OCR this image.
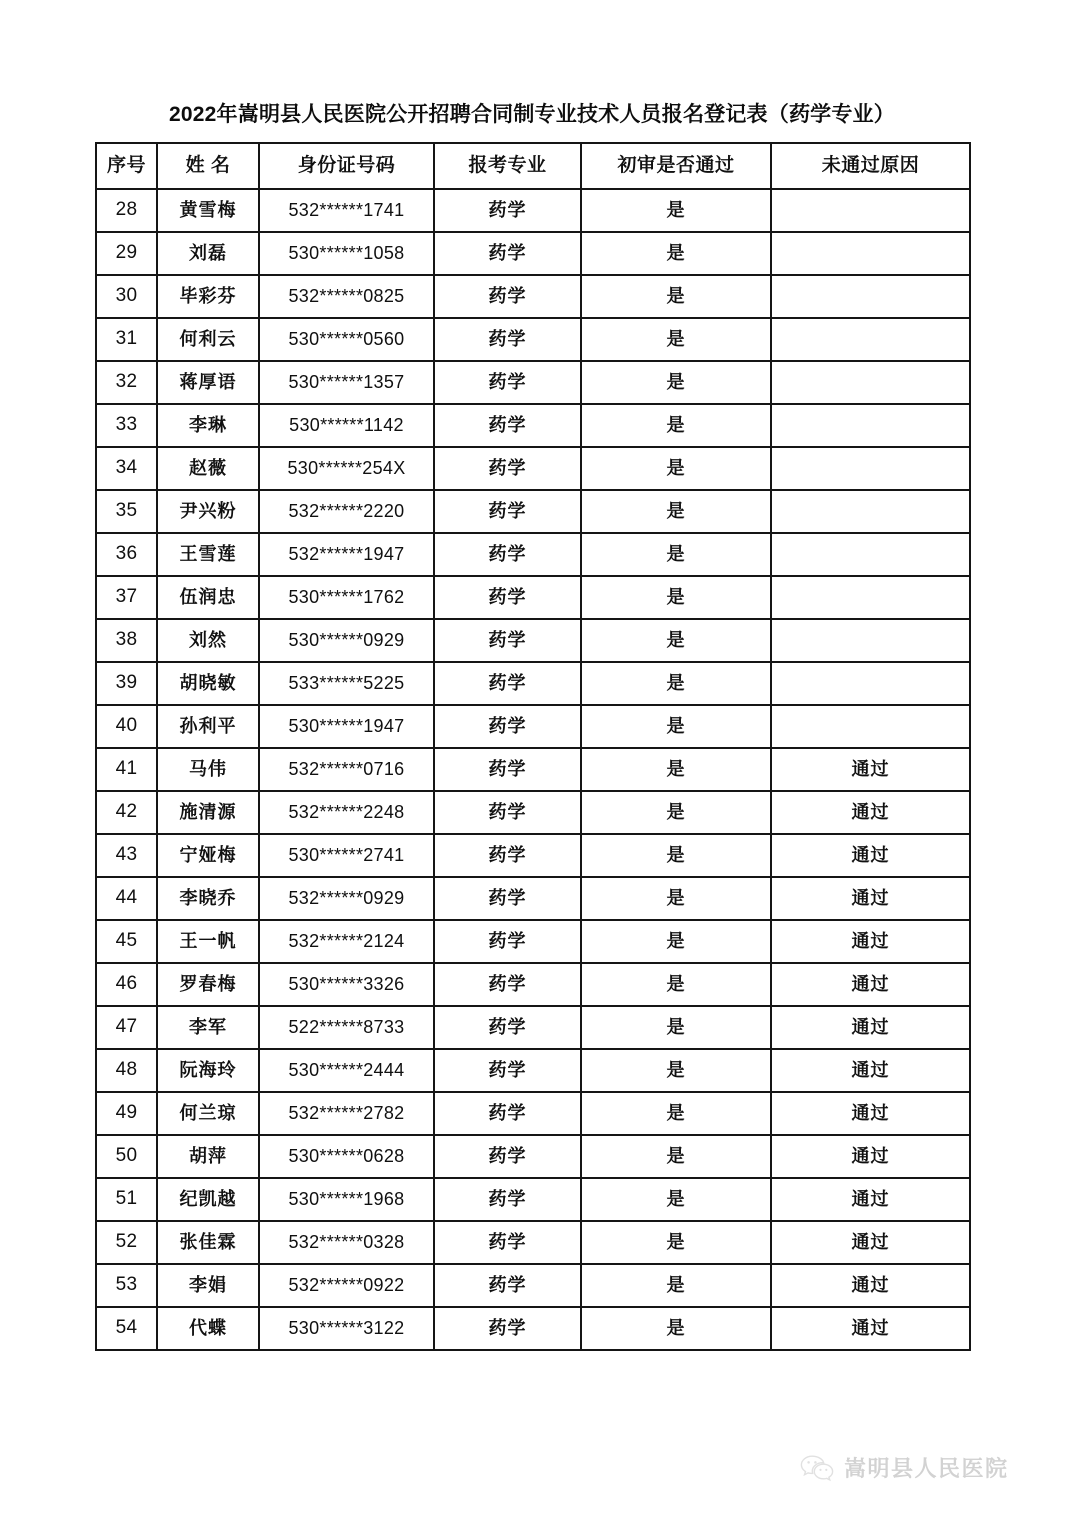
2022年嵩明县人民医院公开招聘合同制专业技术人员报名登记表（药学专业）
序号	姓 名	身份证号码	报考专业	初审是否通过	未通过原因
28	黄雪梅	532******1741	药学	是	
29	刘磊	530******1058	药学	是	
30	毕彩芬	532******0825	药学	是	
31	何利云	530******0560	药学	是	
32	蒋厚语	530******1357	药学	是	
33	李琳	530******1142	药学	是	
34	赵薇	530******254X	药学	是	
35	尹兴粉	532******2220	药学	是	
36	王雪莲	532******1947	药学	是	
37	伍润忠	530******1762	药学	是	
38	刘然	530******0929	药学	是	
39	胡晓敏	533******5225	药学	是	
40	孙利平	530******1947	药学	是	
41	马伟	532******0716	药学	是	通过
42	施清源	532******2248	药学	是	通过
43	宁娅梅	530******2741	药学	是	通过
44	李晓乔	532******0929	药学	是	通过
45	王一帆	532******2124	药学	是	通过
46	罗春梅	530******3326	药学	是	通过
47	李军	522******8733	药学	是	通过
48	阮海玲	530******2444	药学	是	通过
49	何兰琼	532******2782	药学	是	通过
50	胡萍	530******0628	药学	是	通过
51	纪凯越	530******1968	药学	是	通过
52	张佳霖	532******0328	药学	是	通过
53	李娟	532******0922	药学	是	通过
54	代蝶	530******3122	药学	是	通过
嵩明县人民医院
